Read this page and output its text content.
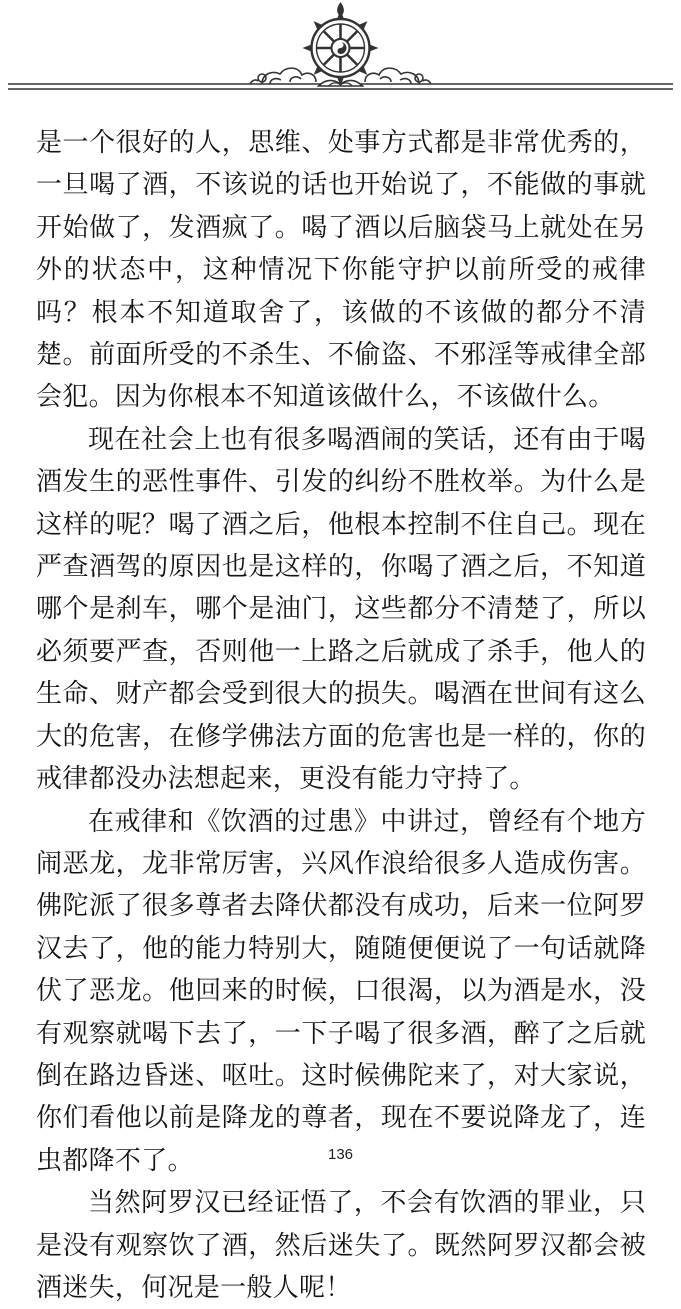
是一个很好的人，思维、处事方式都是非常优秀的，一旦喝了酒，不该说的话也开始说了，不能做的事就开始做了，发酒疯了。喝了酒以后脑袋马上就处在另外的状态中，这种情况下你能守护以前所受的戒律吗？根本不知道取舍了，该做的不该做的都分不清楚。前面所受的不杀生、不偷盗、不邪淫等戒律全部会犯。因为你根本不知道该做什么，不该做什么。

现在社会上也有很多喝酒闹的笑话，还有由于喝酒发生的恶性事件、引发的纠纷不胜枚举。为什么是这样的呢？喝了酒之后，他根本控制不住自己。现在严查酒驾的原因也是这样的，你喝了酒之后，不知道哪个是刹车，哪个是油门，这些都分不清楚了，所以必须要严查，否则他一上路之后就成了杀手，他人的生命、财产都会受到很大的损失。喝酒在世间有这么大的危害，在修学佛法方面的危害也是一样的，你的戒律都没办法想起来，更没有能力守持了。

在戒律和《饮酒的过患》中讲过，曾经有个地方闹恶龙，龙非常厉害，兴风作浪给很多人造成伤害。佛陀派了很多尊者去降伏都没有成功，后来一位阿罗汉去了，他的能力特别大，随随便便说了一句话就降伏了恶龙。他回来的时候，口很渴，以为酒是水，没有观察就喝下去了，一下子喝了很多酒，醉了之后就倒在路边昏迷、呕吐。这时候佛陀来了，对大家说，你们看他以前是降龙的尊者，现在不要说降龙了，连虫都降不了。

当然阿罗汉已经证悟了，不会有饮酒的罪业，只是没有观察饮了酒，然后迷失了。既然阿罗汉都会被酒迷失，何况是一般人呢！

136
